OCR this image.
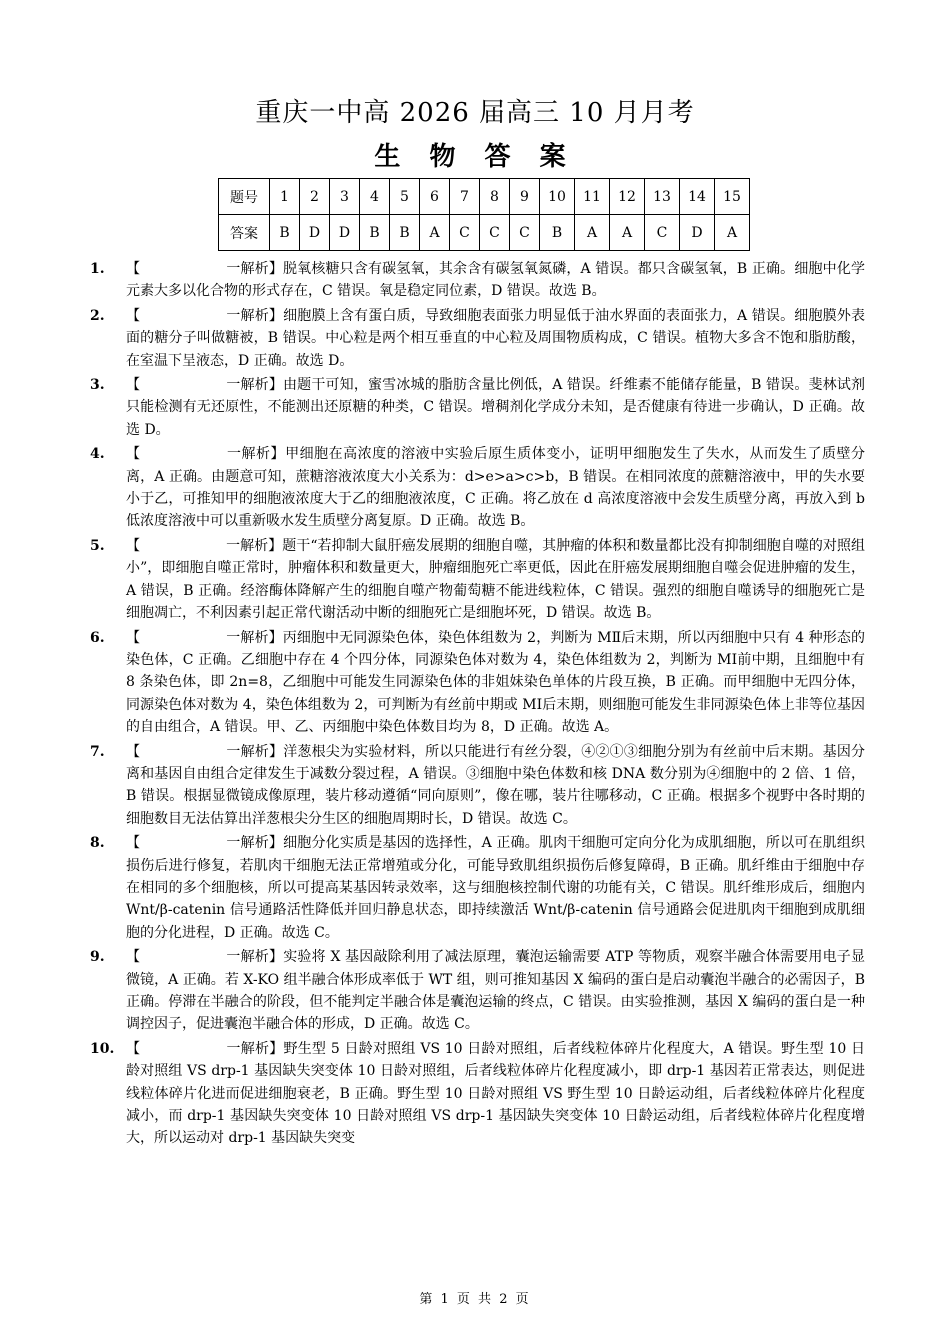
重庆一中高 2026 届高三 10 月月考
生 物 答 案
题号	1	2	3	4	5	6	7	8	9	10	11	12	13	14	15
答案	B	D	D	B	B	A	C	C	C	B	A	A	C	D	A
1. 【	一解析】脱氧核糖只含有碳氢氧，其余含有碳氢氧氮磷，A 错误。都只含碳氢氧，B 正确。细胞中化学元素大多以化合物的形式存在，C 错误。氧是稳定同位素，D 错误。故选 B。
2. 【	一解析】细胞膜上含有蛋白质，导致细胞表面张力明显低于油水界面的表面张力，A 错误。细胞膜外表面的糖分子叫做糖被，B 错误。中心粒是两个相互垂直的中心粒及周围物质构成，C 错误。植物大多含不饱和脂肪酸，在室温下呈液态，D 正确。故选 D。
3. 【	一解析】由题干可知，蜜雪冰城的脂肪含量比例低，A 错误。纤维素不能储存能量，B 错误。斐林试剂只能检测有无还原性，不能测出还原糖的种类，C 错误。增稠剂化学成分未知，是否健康有待进一步确认，D 正确。故选 D。
4. 【	一解析】甲细胞在高浓度的溶液中实验后原生质体变小，证明甲细胞发生了失水，从而发生了质壁分离，A 正确。由题意可知，蔗糖溶液浓度大小关系为：d>e>a>c>b，B 错误。在相同浓度的蔗糖溶液中，甲的失水要小于乙，可推知甲的细胞液浓度大于乙的细胞液浓度，C 正确。将乙放在 d 高浓度溶液中会发生质壁分离，再放入到 b 低浓度溶液中可以重新吸水发生质壁分离复原。D 正确。故选 B。
5. 【	一解析】题干“若抑制大鼠肝癌发展期的细胞自噬，其肿瘤的体积和数量都比没有抑制细胞自噬的对照组小”，即细胞自噬正常时，肿瘤体积和数量更大，肿瘤细胞死亡率更低，因此在肝癌发展期细胞自噬会促进肿瘤的发生，A 错误，B 正确。经溶酶体降解产生的细胞自噬产物葡萄糖不能进线粒体，C 错误。强烈的细胞自噬诱导的细胞死亡是细胞凋亡，不利因素引起正常代谢活动中断的细胞死亡是细胞坏死，D 错误。故选 B。
6. 【	一解析】丙细胞中无同源染色体，染色体组数为 2，判断为 MⅡ后末期，所以丙细胞中只有 4 种形态的染色体，C 正确。乙细胞中存在 4 个四分体，同源染色体对数为 4，染色体组数为 2，判断为 MⅠ前中期，且细胞中有 8 条染色体，即 2n=8，乙细胞中可能发生同源染色体的非姐妹染色单体的片段互换，B 正确。而甲细胞中无四分体，同源染色体对数为 4，染色体组数为 2，可判断为有丝前中期或 MⅠ后末期，则细胞可能发生非同源染色体上非等位基因的自由组合，A 错误。甲、乙、丙细胞中染色体数目均为 8，D 正确。故选 A。
7. 【	一解析】洋葱根尖为实验材料，所以只能进行有丝分裂，④②①③细胞分别为有丝前中后末期。基因分离和基因自由组合定律发生于减数分裂过程，A 错误。③细胞中染色体数和核 DNA 数分别为④细胞中的 2 倍、1 倍，B 错误。根据显微镜成像原理，装片移动遵循“同向原则”，像在哪，装片往哪移动，C 正确。根据多个视野中各时期的细胞数目无法估算出洋葱根尖分生区的细胞周期时长，D 错误。故选 C。
8. 【	一解析】细胞分化实质是基因的选择性，A 正确。肌肉干细胞可定向分化为成肌细胞，所以可在肌组织损伤后进行修复，若肌肉干细胞无法正常增殖或分化，可能导致肌组织损伤后修复障碍，B 正确。肌纤维由于细胞中存在相同的多个细胞核，所以可提高某基因转录效率，这与细胞核控制代谢的功能有关，C 错误。肌纤维形成后，细胞内 Wnt/β-catenin 信号通路活性降低并回归静息状态，即持续激活 Wnt/β-catenin 信号通路会促进肌肉干细胞到成肌细胞的分化进程，D 正确。故选 C。
9. 【	一解析】实验将 X 基因敲除利用了减法原理，囊泡运输需要 ATP 等物质，观察半融合体需要用电子显微镜，A 正确。若 X-KO 组半融合体形成率低于 WT 组，则可推知基因 X 编码的蛋白是启动囊泡半融合的必需因子，B 正确。停滞在半融合的阶段，但不能判定半融合体是囊泡运输的终点，C 错误。由实验推测，基因 X 编码的蛋白是一种调控因子，促进囊泡半融合体的形成，D 正确。故选 C。
10. 【	一解析】野生型 5 日龄对照组 VS 10 日龄对照组，后者线粒体碎片化程度大，A 错误。野生型 10 日龄对照组 VS drp-1 基因缺失突变体 10 日龄对照组，后者线粒体碎片化程度减小，即 drp-1 基因若正常表达，则促进线粒体碎片化进而促进细胞衰老，B 正确。野生型 10 日龄对照组 VS 野生型 10 日龄运动组，后者线粒体碎片化程度减小，而 drp-1 基因缺失突变体 10 日龄对照组 VS drp-1 基因缺失突变体 10 日龄运动组，后者线粒体碎片化程度增大，所以运动对 drp-1 基因缺失突变
第 1 页 共 2 页
